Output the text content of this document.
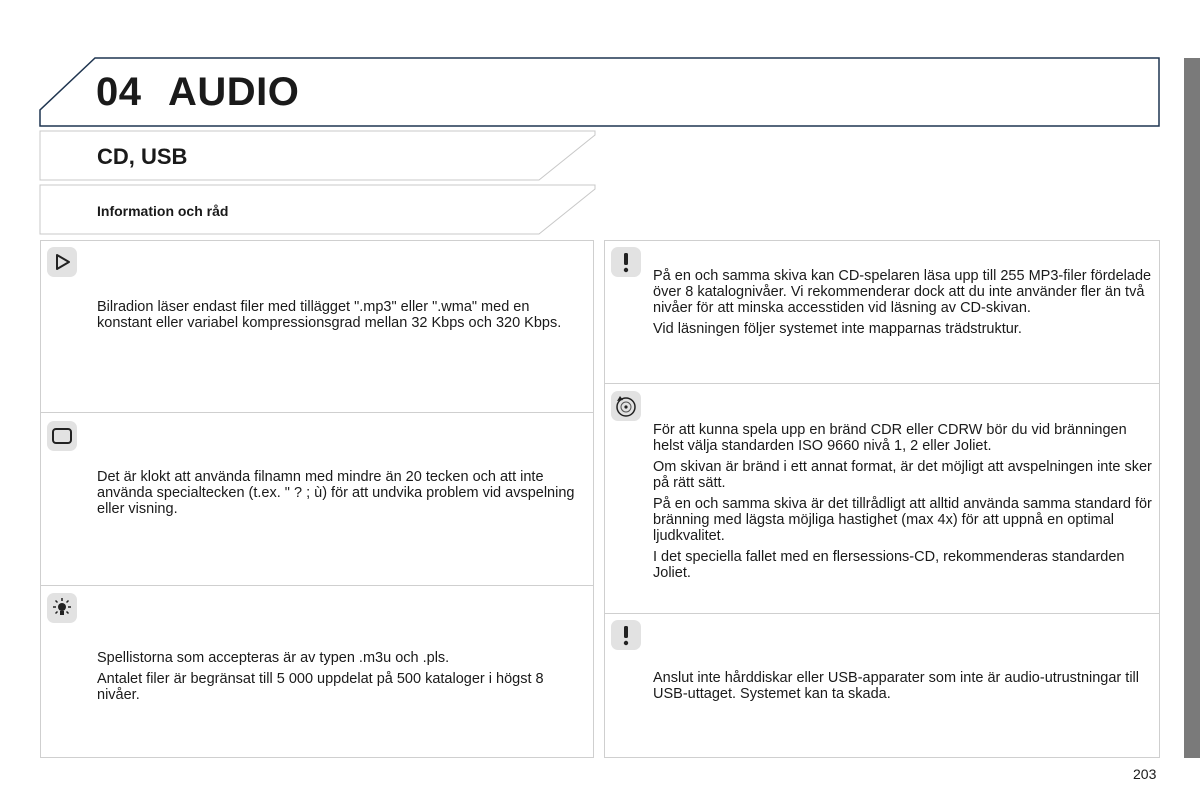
04 AUDIO
CD, USB
Information och råd

Bilradion läser endast filer med tillägget ".mp3" eller ".wma" med en konstant eller variabel kompressionsgrad mellan 32 Kbps och 320 Kbps.

Det är klokt att använda filnamn med mindre än 20 tecken och att inte använda specialtecken (t.ex. " ? ; ù) för att undvika problem vid avspelning eller visning.

Spellistorna som accepteras är av typen .m3u och .pls.

Antalet filer är begränsat till 5 000 uppdelat på 500 kataloger i högst 8 nivåer.

På en och samma skiva kan CD-spelaren läsa upp till 255 MP3-filer fördelade över 8 katalognivåer. Vi rekommenderar dock att du inte använder fler än två nivåer för att minska accesstiden vid läsning av CD-skivan.

Vid läsningen följer systemet inte mapparnas trädstruktur.

För att kunna spela upp en bränd CDR eller CDRW bör du vid bränningen helst välja standarden ISO 9660 nivå 1, 2 eller Joliet.

Om skivan är bränd i ett annat format, är det möjligt att avspelningen inte sker på rätt sätt.

På en och samma skiva är det tillrådligt att alltid använda samma standard för bränning med lägsta möjliga hastighet (max 4x) för att uppnå en optimal ljudkvalitet.

I det speciella fallet med en flersessions-CD, rekommenderas standarden Joliet.

Anslut inte hårddiskar eller USB-apparater som inte är audio-utrustningar till USB-uttaget. Systemet kan ta skada.

203
